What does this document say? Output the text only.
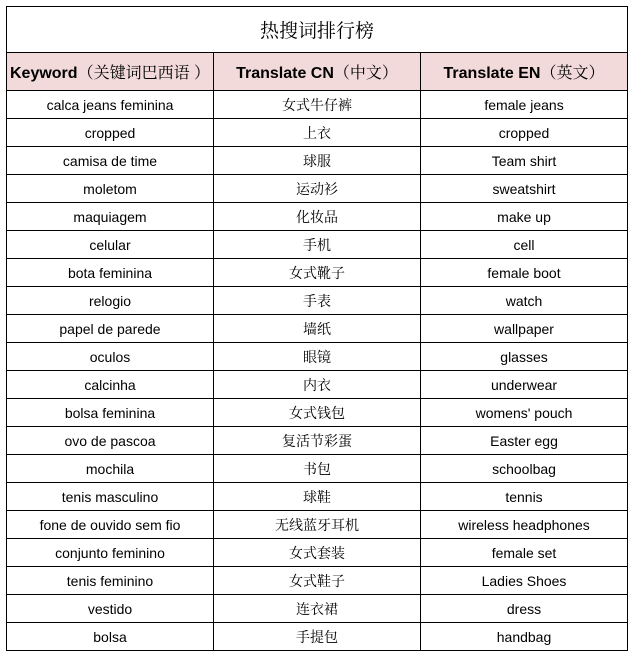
热搜词排行榜		
Keyword（关键词巴西语 ）	Translate CN（中文）	Translate EN（英文）
calca jeans feminina	女式牛仔裤	female jeans
cropped	上衣	cropped
camisa de time	球服	Team shirt
moletom	运动衫	sweatshirt
maquiagem	化妆品	make up
celular	手机	cell
bota feminina	女式靴子	female boot
relogio	手表	watch
papel de parede	墙纸	wallpaper
oculos	眼镜	glasses
calcinha	内衣	underwear
bolsa feminina	女式钱包	womens' pouch
ovo de pascoa	复活节彩蛋	Easter egg
mochila	书包	schoolbag
tenis masculino	球鞋	tennis
fone de ouvido sem fio	无线蓝牙耳机	wireless headphones
conjunto feminino	女式套装	female set
tenis feminino	女式鞋子	Ladies Shoes
vestido	连衣裙	dress
bolsa	手提包	handbag
